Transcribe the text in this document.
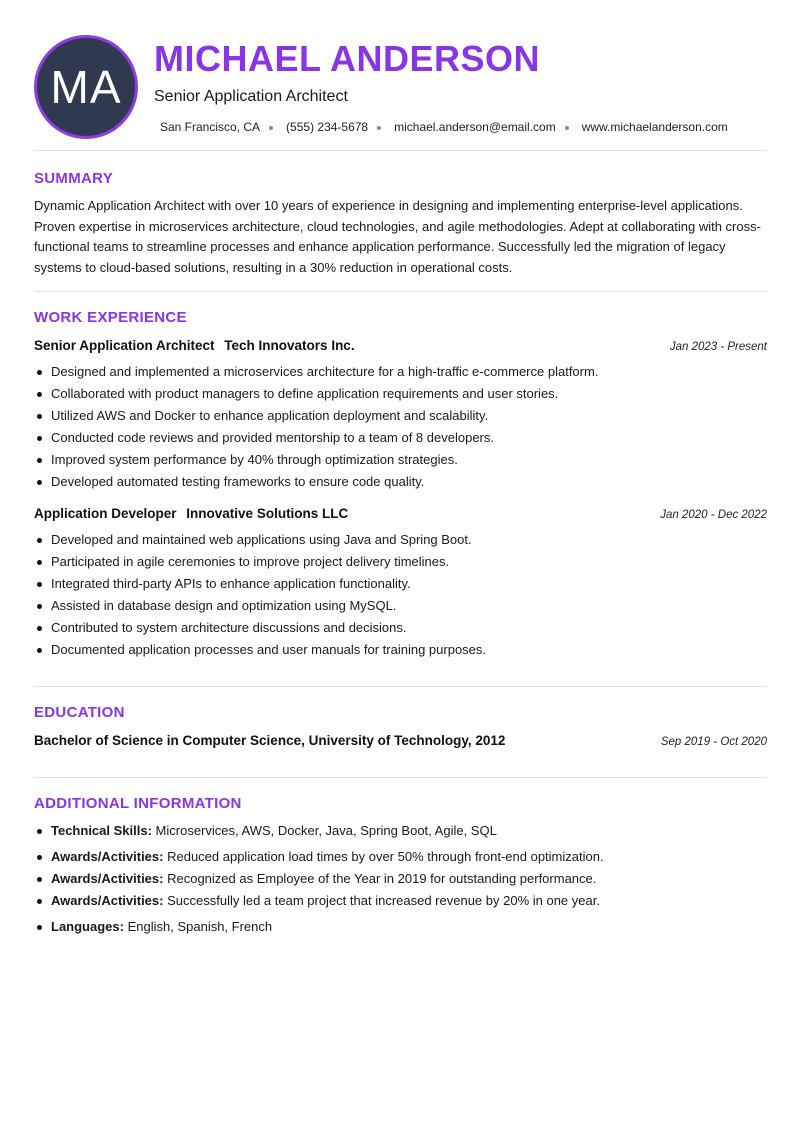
MA
MICHAEL ANDERSON
Senior Application Architect
San Francisco, CA (555) 234-5678 michael.anderson@email.com www.michaelanderson.com
SUMMARY
Dynamic Application Architect with over 10 years of experience in designing and implementing enterprise-level applications. Proven expertise in microservices architecture, cloud technologies, and agile methodologies. Adept at collaborating with cross-functional teams to streamline processes and enhance application performance. Successfully led the migration of legacy systems to cloud-based solutions, resulting in a 30% reduction in operational costs.
WORK EXPERIENCE
Senior Application Architect Tech Innovators Inc.	Jan 2023 - Present
Designed and implemented a microservices architecture for a high-traffic e-commerce platform.
Collaborated with product managers to define application requirements and user stories.
Utilized AWS and Docker to enhance application deployment and scalability.
Conducted code reviews and provided mentorship to a team of 8 developers.
Improved system performance by 40% through optimization strategies.
Developed automated testing frameworks to ensure code quality.
Application Developer Innovative Solutions LLC	Jan 2020 - Dec 2022
Developed and maintained web applications using Java and Spring Boot.
Participated in agile ceremonies to improve project delivery timelines.
Integrated third-party APIs to enhance application functionality.
Assisted in database design and optimization using MySQL.
Contributed to system architecture discussions and decisions.
Documented application processes and user manuals for training purposes.
EDUCATION
Bachelor of Science in Computer Science, University of Technology, 2012	Sep 2019 - Oct 2020
ADDITIONAL INFORMATION
Technical Skills: Microservices, AWS, Docker, Java, Spring Boot, Agile, SQL
Awards/Activities: Reduced application load times by over 50% through front-end optimization.
Awards/Activities: Recognized as Employee of the Year in 2019 for outstanding performance.
Awards/Activities: Successfully led a team project that increased revenue by 20% in one year.
Languages: English, Spanish, French
